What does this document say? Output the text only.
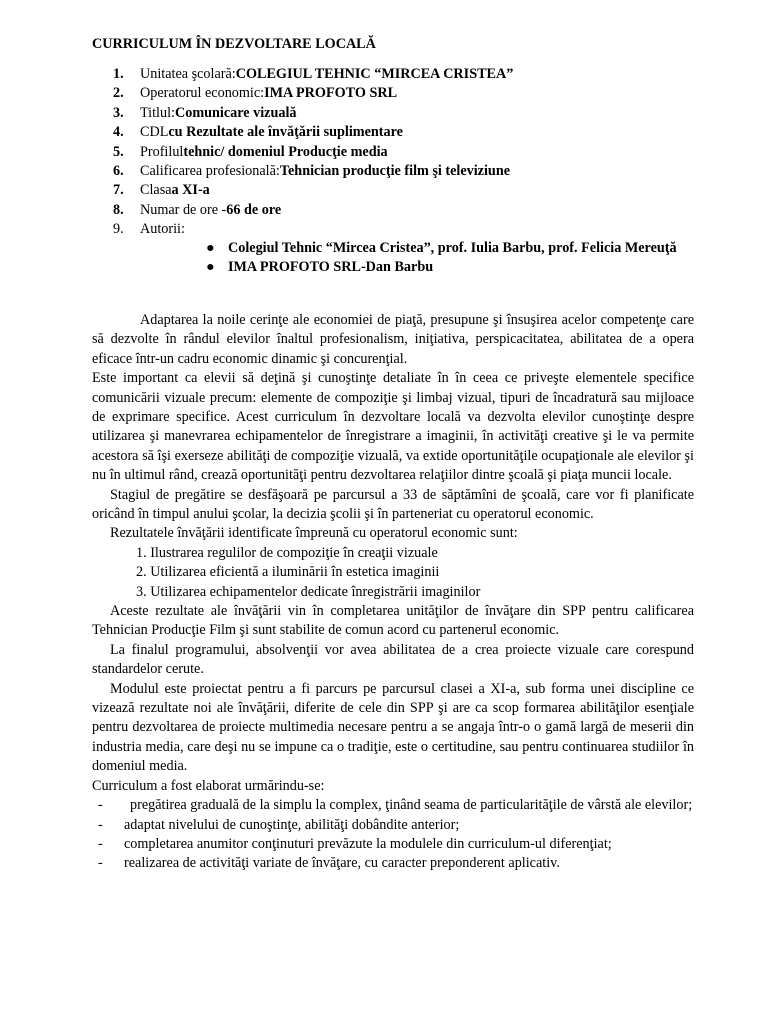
CURRICULUM ÎN DEZVOLTARE LOCALĂ
1.	Unitatea şcolară: COLEGIUL TEHNIC “MIRCEA CRISTEA”
2.	Operatorul economic: IMA PROFOTO SRL
3.	Titlul: Comunicare vizuală
4.	CDL cu Rezultate ale învăţării suplimentare
5.	Profilul tehnic/ domeniul Producţie media
6.	Calificarea profesională: Tehnician producţie film şi televiziune
7.	Clasa a XI-a
8.	Numar de ore - 66 de ore
9.	Autorii:
● Colegiul Tehnic “Mircea Cristea”, prof. Iulia Barbu, prof. Felicia Mereuţă
● IMA PROFOTO SRL-Dan Barbu

Adaptarea la noile cerinţe ale economiei de piaţă, presupune şi însuşirea acelor competenţe care să dezvolte în rândul elevilor înaltul profesionalism, iniţiativa, perspicacitatea, abilitatea de a opera eficace într-un cadru economic dinamic şi concurenţial.

Este important ca elevii să deţină şi cunoştinţe detaliate în în ceea ce priveşte elementele specifice comunicării vizuale precum: elemente de compoziţie şi limbaj vizual, tipuri de încadratură sau mijloace de exprimare specifice. Acest curriculum în dezvoltare locală va dezvolta elevilor cunoştinţe despre utilizarea şi manevrarea echipamentelor de înregistrare a imaginii, în activităţi creative şi le va permite acestora să îşi exerseze abilităţi de compoziţie vizuală, va extide oportunităţile ocupaţionale ale elevilor şi nu în ultimul rând, crează oportunităţi pentru dezvoltarea relaţiilor dintre şcoală şi piaţa muncii locale.

Stagiul de pregătire se desfăşoară pe parcursul a 33 de săptămîni de şcoală, care vor fi planificate oricând în timpul anului şcolar, la decizia şcolii şi în parteneriat cu operatorul economic.

Rezultatele învăţării identificate împreună cu operatorul economic sunt:

1. Ilustrarea regulilor de compoziţie în creaţii vizuale
2. Utilizarea eficientă a iluminării în estetica imaginii
3. Utilizarea echipamentelor dedicate înregistrării imaginilor

Aceste rezultate ale învăţării vin în completarea unităţilor de învăţare din SPP pentru calificarea Tehnician Producţie Film şi sunt stabilite de comun acord cu partenerul economic.

La finalul programului, absolvenţii vor avea abilitatea de a crea proiecte vizuale care corespund standardelor cerute.

Modulul este proiectat pentru a fi parcurs pe parcursul clasei a XI-a, sub forma unei discipline ce vizează rezultate noi ale învăţării, diferite de cele din SPP şi are ca scop formarea abilităţilor esenţiale pentru dezvoltarea de proiecte multimedia necesare pentru a se angaja într-o o gamă largă de meserii din industria media, care deşi nu se impune ca o tradiţie, este o certitudine, sau pentru continuarea studiilor în domeniul media.

Curriculum a fost elaborat urmărindu-se:

-	pregătirea graduală de la simplu la complex, ţinând seama de particularităţile de vârstă ale elevilor;
-	adaptat nivelului de cunoştinţe, abilităţi dobândite anterior;
-	completarea anumitor conţinuturi prevăzute la modulele din curriculum-ul diferenţiat;
-	realizarea de activităţi variate de învăţare, cu caracter preponderent aplicativ.
